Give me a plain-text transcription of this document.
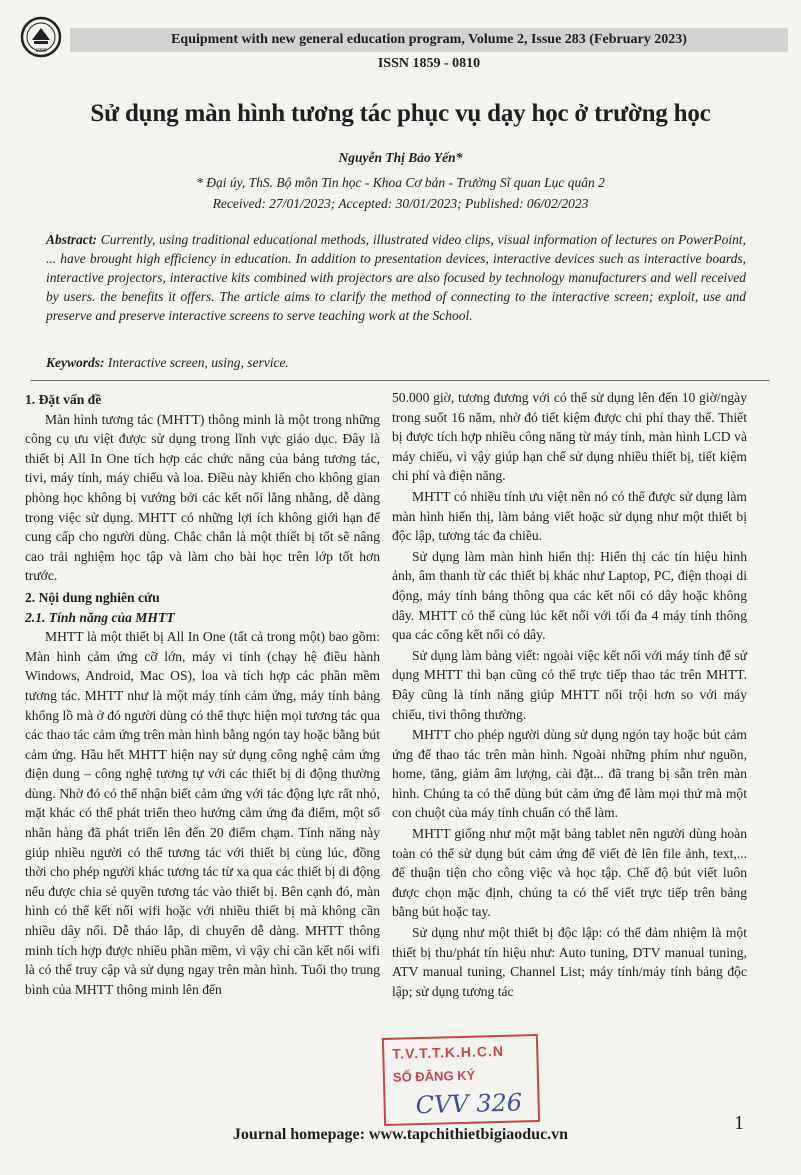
1990
Equipment with new general education program, Volume 2, Issue 283 (February 2023)
ISSN 1859 - 0810
Sử dụng màn hình tương tác phục vụ dạy học ở trường học
Nguyễn Thị Bảo Yến*
* Đại úy, ThS. Bộ môn Tin học - Khoa Cơ bản - Trường Sĩ quan Lục quân 2
Received: 27/01/2023; Accepted: 30/01/2023; Published: 06/02/2023
Abstract: Currently, using traditional educational methods, illustrated video clips, visual information of lectures on PowerPoint, ... have brought high efficiency in education. In addition to presentation devices, interactive devices such as interactive boards, interactive projectors, interactive kits combined with projectors are also focused by technology manufacturers and well received by users. the benefits it offers. The article aims to clarify the method of connecting to the interactive screen; exploit, use and preserve and preserve interactive screens to serve teaching work at the School.
Keywords: Interactive screen, using, service.
1. Đặt vấn đề

Màn hình tương tác (MHTT) thông minh là một trong những công cụ ưu việt được sử dụng trong lĩnh vực giáo dục. Đây là thiết bị All In One tích hợp các chức năng của bảng tương tác, tivi, máy tính, máy chiếu và loa. Điều này khiến cho không gian phòng học không bị vướng bởi các kết nối lằng nhằng, dễ dàng trong việc sử dụng. MHTT có những lợi ích không giới hạn để cung cấp cho người dùng. Chắc chắn là một thiết bị tốt sẽ nâng cao trải nghiệm học tập và làm cho bài học trên lớp tốt hơn trước.

2. Nội dung nghiên cứu
2.1. Tính năng của MHTT

MHTT là một thiết bị All In One (tất cả trong một) bao gồm: Màn hình cảm ứng cỡ lớn, máy vi tính (chạy hệ điều hành Windows, Android, Mac OS), loa và tích hợp các phần mềm tương tác. MHTT như là một máy tính cảm ứng, máy tính bảng khổng lồ mà ở đó người dùng có thể thực hiện mọi tương tác qua các thao tác cảm ứng trên màn hình bằng ngón tay hoặc bằng bút cảm ứng. Hầu hết MHTT hiện nay sử dụng công nghệ cảm ứng điện dung – công nghệ tương tự với các thiết bị di động thường dùng. Nhờ đó có thể nhận biết cảm ứng với tác động lực rất nhỏ, mặt khác có thể phát triển theo hướng cảm ứng đa điểm, một số nhãn hàng đã phát triển lên đến 20 điểm chạm. Tính năng này giúp nhiều người có thể tương tác với thiết bị cùng lúc, đồng thời cho phép người khác tương tác từ xa qua các thiết bị di động nếu được chia sẻ quyền tương tác vào thiết bị. Bên cạnh đó, màn hình có thể kết nối wifi hoặc với nhiều thiết bị mà không cần nhiều dây nối. Dễ tháo lắp, di chuyển dễ dàng. MHTT thông minh tích hợp được nhiều phần mềm, vì vậy chỉ cần kết nối wifi là có thể truy cập và sử dụng ngay trên màn hình. Tuổi thọ trung bình của MHTT thông minh lên đến

50.000 giờ, tương đương với có thể sử dụng lên đến 10 giờ/ngày trong suốt 16 năm, nhờ đó tiết kiệm được chi phí thay thế. Thiết bị được tích hợp nhiều công năng từ máy tính, màn hình LCD và máy chiếu, vì vậy giúp hạn chế sử dụng nhiều thiết bị, tiết kiệm chi phí và điện năng.

MHTT có nhiều tính ưu việt nên nó có thể được sử dụng làm màn hình hiển thị, làm bảng viết hoặc sử dụng như một thiết bị độc lập, tương tác đa chiều.

Sử dụng làm màn hình hiển thị: Hiển thị các tín hiệu hình ảnh, âm thanh từ các thiết bị khác như Laptop, PC, điện thoại di động, máy tính bảng thông qua các kết nối có dây hoặc không dây. MHTT có thể cùng lúc kết nối với tối đa 4 máy tính thông qua các cổng kết nối có dây.

Sử dụng làm bảng viết: ngoài việc kết nối với máy tính để sử dụng MHTT thì bạn cũng có thể trực tiếp thao tác trên MHTT. Đây cũng là tính năng giúp MHTT nổi trội hơn so với máy chiếu, tivi thông thường.

MHTT cho phép người dùng sử dụng ngón tay hoặc bút cảm ứng để thao tác trên màn hình. Ngoài những phím như nguồn, home, tăng, giảm âm lượng, cài đặt... đã trang bị sẵn trên màn hình. Chúng ta có thể dùng bút cảm ứng để làm mọi thứ mà một con chuột của máy tính chuẩn có thể làm.

MHTT giống như một mặt bảng tablet nên người dùng hoàn toàn có thể sử dụng bút cảm ứng để viết đè lên file ảnh, text,... để thuận tiện cho công việc và học tập. Chế độ bút viết luôn được chọn mặc định, chúng ta có thể viết trực tiếp trên bảng bằng bút hoặc tay.

Sử dụng như một thiết bị độc lập: có thể đảm nhiệm là một thiết bị thu/phát tín hiệu như: Auto tuning, DTV manual tuning, ATV manual tuning, Channel List; máy tính/máy tính bảng độc lập; sử dụng tương tác

T.V.T.T.K.H.C.N
SỐ ĐĂNG KÝ
CVV 326
1
Journal homepage: www.tapchithietbigiaoduc.vn
